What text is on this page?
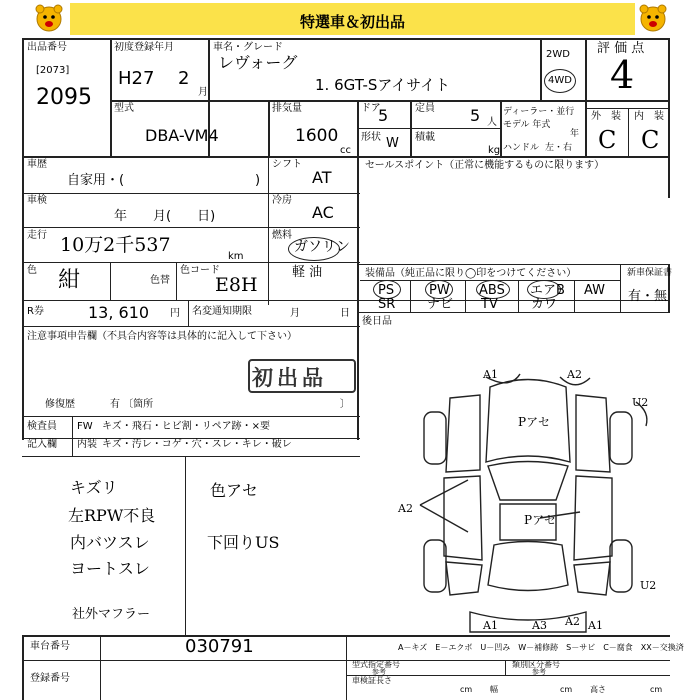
特選車＆初出品
出品番号
[2073]
2095
初度登録年月
H27 2
月
車名・グレード
レヴォーグ
1. 6GT-Sアイサイト
2WD
4WD
評 価 点
4
型式
DBA-VM4
排気量
1600
cc
ドア
5	定員 5 人
形状 W 積載
kg
ディーラー・並行
モデル 年式
年
ハンドル 左・右
外　装 内　装
C C
車歴
自家用・(	)
シフト
AT
セールスポイント（正常に機能するものに限ります）
車検
年　　月(　　日)
冷房
AC
走行 10万2千537
km
燃料
ガソリン
軽 油
色 紺	色替
色コード
E8H
装備品（純正品に限り◯印をつけてください）	新車保証書
有・無
PS	PW ABS エアB AW
SR ナビ TV	カワ
R券	13, 610 円 名変通知期限	月	日
後日品
注意事項申告欄（不具合内容等は具体的に記入して下さい）
初出品
修復歴	有 〔箇所	〕
検査員
記入欄
FW キズ・飛石・ヒビ割・リペア跡・×要
内装 キズ・汚レ・コゲ・穴・スレ・キレ・破レ
キズリ
左RPW不良
内バツスレ
ヨートスレ
社外マフラー
色アセ
下回りUS
A1	A2
U2
Pアセ
A2
Pアセ
A1	A3 A2 A1
U2
A－キズ　E－エクボ　U－凹み　W－補修跡　S－サビ　C－腐食　XX－交換済
車台番号	030791
登録番号
型式指定番号
参考
類別区分番号
参考
車検証長さ
cm 幅	cm 高さ	cm
